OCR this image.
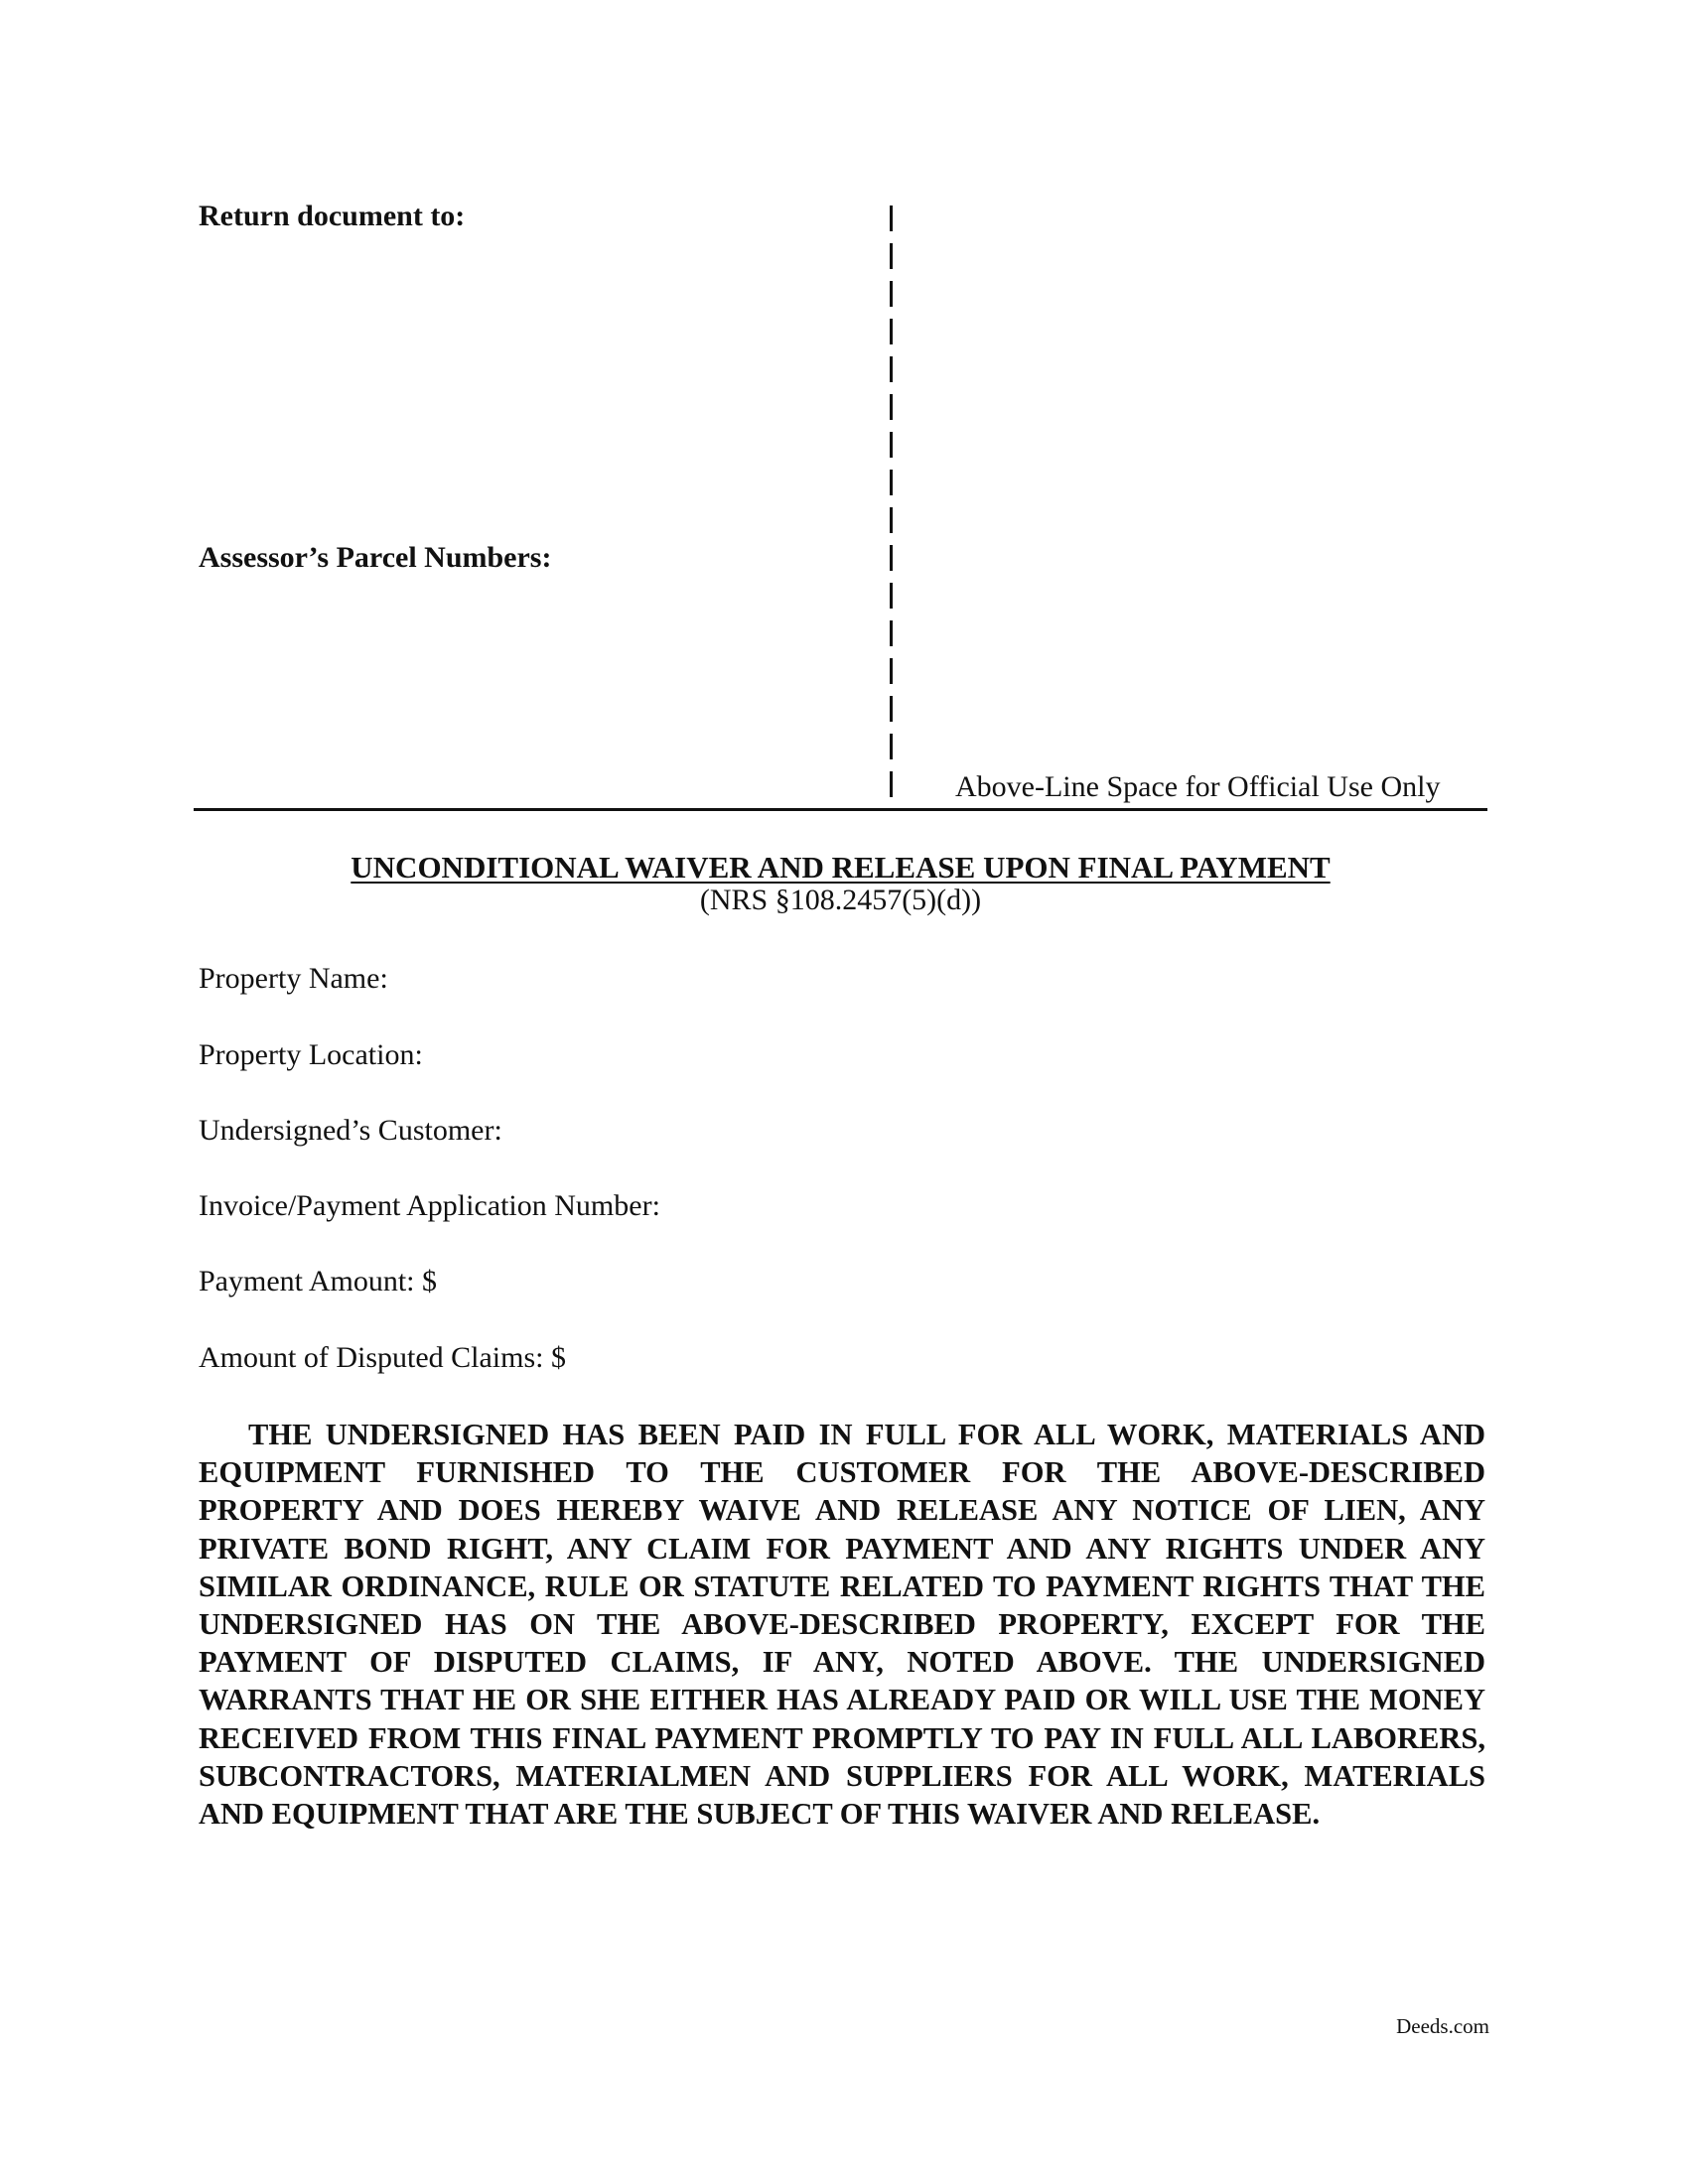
Return document to:
Assessor’s Parcel Numbers:
Above-Line Space for Official Use Only
UNCONDITIONAL WAIVER AND RELEASE UPON FINAL PAYMENT
(NRS §108.2457(5)(d))
Property Name:
Property Location:
Undersigned’s Customer:
Invoice/Payment Application Number:
Payment Amount: $
Amount of Disputed Claims: $

THE UNDERSIGNED HAS BEEN PAID IN FULL FOR ALL WORK, MATERIALS AND EQUIPMENT FURNISHED TO THE CUSTOMER FOR THE ABOVE-DESCRIBED PROPERTY AND DOES HEREBY WAIVE AND RELEASE ANY NOTICE OF LIEN, ANY PRIVATE BOND RIGHT, ANY CLAIM FOR PAYMENT AND ANY RIGHTS UNDER ANY SIMILAR ORDINANCE, RULE OR STATUTE RELATED TO PAYMENT RIGHTS THAT THE UNDERSIGNED HAS ON THE ABOVE-DESCRIBED PROPERTY, EXCEPT FOR THE PAYMENT OF DISPUTED CLAIMS, IF ANY, NOTED ABOVE. THE UNDERSIGNED WARRANTS THAT HE OR SHE EITHER HAS ALREADY PAID OR WILL USE THE MONEY RECEIVED FROM THIS FINAL PAYMENT PROMPTLY TO PAY IN FULL ALL LABORERS, SUBCONTRACTORS, MATERIALMEN AND SUPPLIERS FOR ALL WORK, MATERIALS AND EQUIPMENT THAT ARE THE SUBJECT OF THIS WAIVER AND RELEASE.

Deeds.com
